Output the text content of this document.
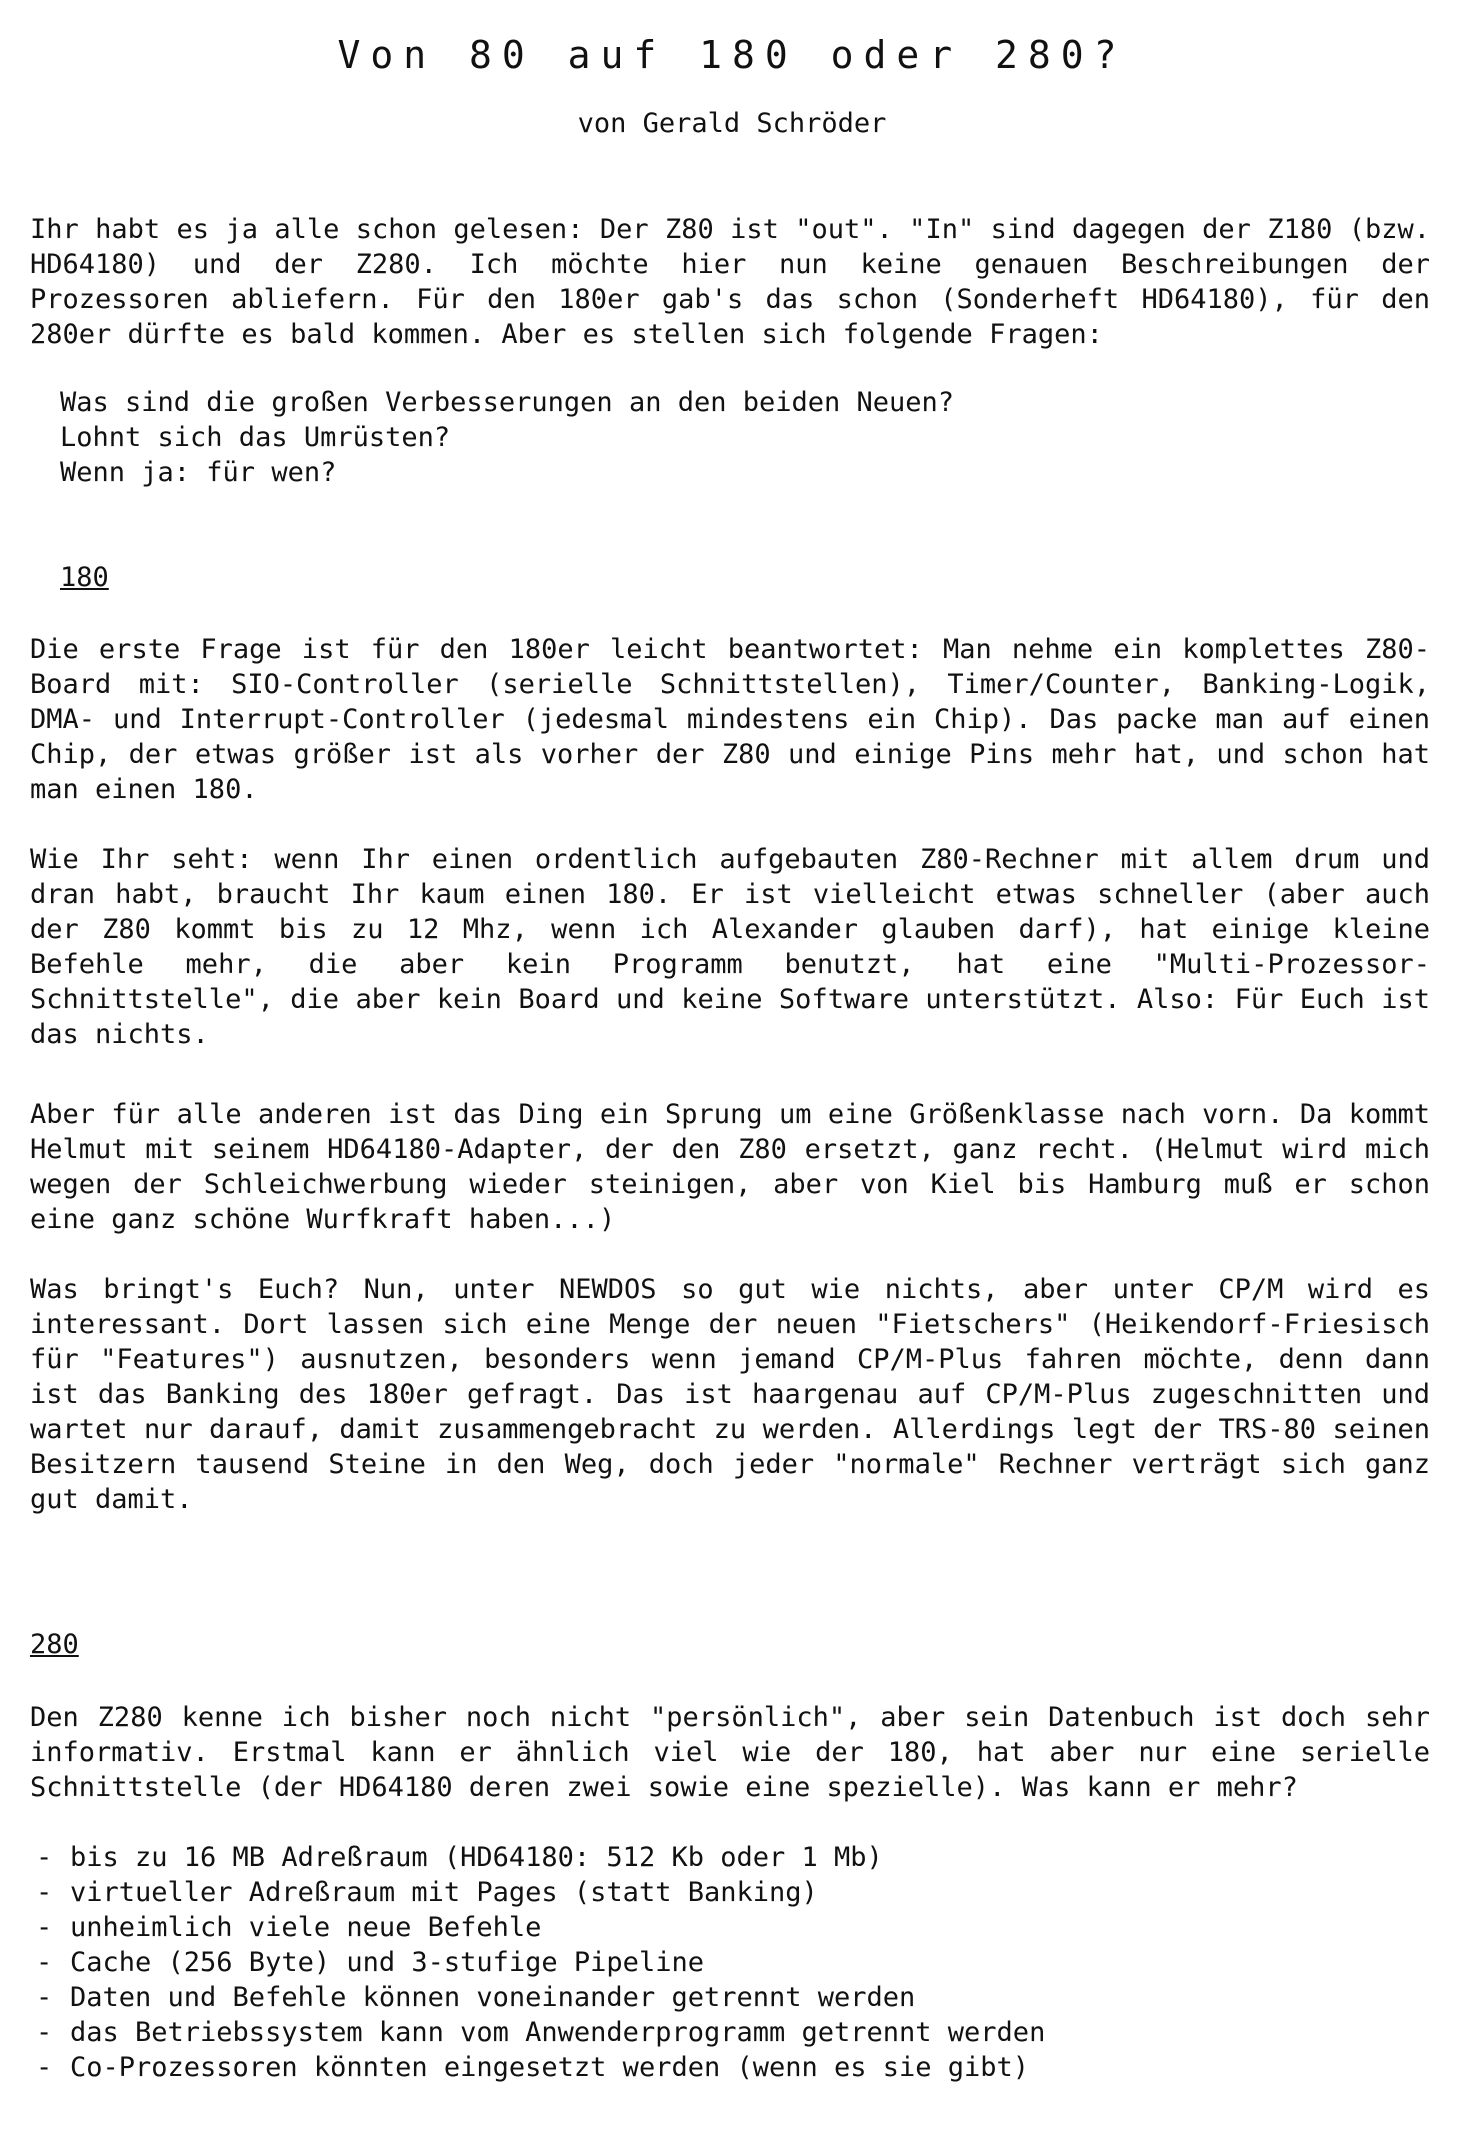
Von 80 auf 180 oder 280?

von Gerald Schröder

Ihr habt es ja alle schon gelesen: Der Z80 ist "out". "In" sind dagegen der Z180 (bzw. HD64180) und der Z280. Ich möchte hier nun keine genauen Beschreibungen der Prozessoren abliefern. Für den 180er gab's das schon (Sonderheft HD64180), für den 280er dürfte es bald kommen. Aber es stellen sich folgende Fragen:

Was sind die großen Verbesserungen an den beiden Neuen?
Lohnt sich das Umrüsten?
Wenn ja: für wen?

180

Die erste Frage ist für den 180er leicht beantwortet: Man nehme ein komplettes Z80-Board mit: SIO-Controller (serielle Schnittstellen), Timer/Counter, Banking-Logik, DMA- und Interrupt-Controller (jedesmal mindestens ein Chip). Das packe man auf einen Chip, der etwas größer ist als vorher der Z80 und einige Pins mehr hat, und schon hat man einen 180.

Wie Ihr seht: wenn Ihr einen ordentlich aufgebauten Z80-Rechner mit allem drum und dran habt, braucht Ihr kaum einen 180. Er ist vielleicht etwas schneller (aber auch der Z80 kommt bis zu 12 Mhz, wenn ich Alexander glauben darf), hat einige kleine Befehle mehr, die aber kein Programm benutzt, hat eine "Multi-Prozessor-Schnittstelle", die aber kein Board und keine Software unterstützt. Also: Für Euch ist das nichts.

Aber für alle anderen ist das Ding ein Sprung um eine Größenklasse nach vorn. Da kommt Helmut mit seinem HD64180-Adapter, der den Z80 ersetzt, ganz recht. (Helmut wird mich wegen der Schleichwerbung wieder steinigen, aber von Kiel bis Hamburg muß er schon eine ganz schöne Wurfkraft haben...)

Was bringt's Euch? Nun, unter NEWDOS so gut wie nichts, aber unter CP/M wird es interessant. Dort lassen sich eine Menge der neuen "Fietschers" (Heikendorf-Friesisch für "Features") ausnutzen, besonders wenn jemand CP/M-Plus fahren möchte, denn dann ist das Banking des 180er gefragt. Das ist haargenau auf CP/M-Plus zugeschnitten und wartet nur darauf, damit zusammengebracht zu werden. Allerdings legt der TRS-80 seinen Besitzern tausend Steine in den Weg, doch jeder "normale" Rechner verträgt sich ganz gut damit.

280

Den Z280 kenne ich bisher noch nicht "persönlich", aber sein Datenbuch ist doch sehr informativ. Erstmal kann er ähnlich viel wie der 180, hat aber nur eine serielle Schnittstelle (der HD64180 deren zwei sowie eine spezielle). Was kann er mehr?

- bis zu 16 MB Adreßraum (HD64180: 512 Kb oder 1 Mb)
- virtueller Adreßraum mit Pages (statt Banking)
- unheimlich viele neue Befehle
- Cache (256 Byte) und 3-stufige Pipeline
- Daten und Befehle können voneinander getrennt werden
- das Betriebssystem kann vom Anwenderprogramm getrennt werden
- Co-Prozessoren könnten eingesetzt werden (wenn es sie gibt)
